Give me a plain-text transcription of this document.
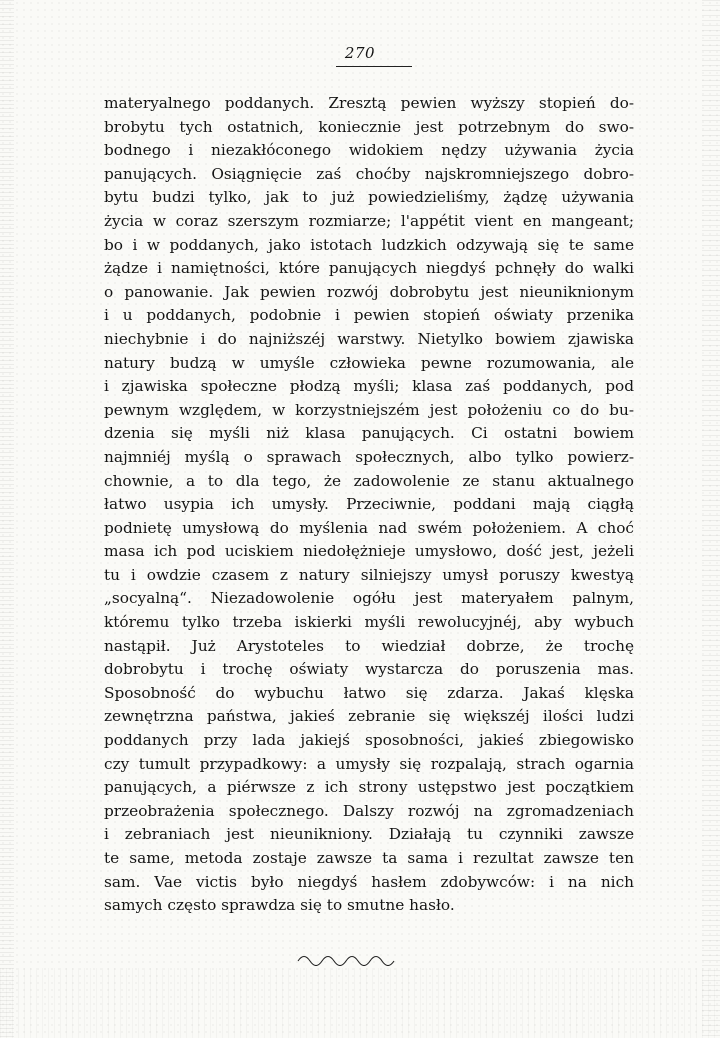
270
materyalnego poddanych. Zresztą pewien wyższy stopień do-
brobytu tych ostatnich, koniecznie jest potrzebnym do swo-
bodnego i niezakłóconego widokiem nędzy używania życia
panujących. Osiągnięcie zaś choćby najskromniejszego dobro-
bytu budzi tylko, jak to już powiedzieliśmy, żądzę używania
życia w coraz szerszym rozmiarze; l'appétit vient en mangeant;
bo i w poddanych, jako istotach ludzkich odzywają się te same
żądze i namiętności, które panujących niegdyś pchnęły do walki
o panowanie. Jak pewien rozwój dobrobytu jest nieuniknionym
i u poddanych, podobnie i pewien stopień oświaty przenika
niechybnie i do najniższéj warstwy. Nietylko bowiem zjawiska
natury budzą w umyśle człowieka pewne rozumowania, ale
i zjawiska społeczne płodzą myśli; klasa zaś poddanych, pod
pewnym względem, w korzystniejszém jest położeniu co do bu-
dzenia się myśli niż klasa panujących. Ci ostatni bowiem
najmniéj myślą o sprawach społecznych, albo tylko powierz-
chownie, a to dla tego, że zadowolenie ze stanu aktualnego
łatwo usypia ich umysły. Przeciwnie, poddani mają ciągłą
podnietę umysłową do myślenia nad swém położeniem. A choć
masa ich pod uciskiem niedołężnieje umysłowo, dość jest, jeżeli
tu i owdzie czasem z natury silniejszy umysł poruszy kwestyą
„socyalną“. Niezadowolenie ogółu jest materyałem palnym,
któremu tylko trzeba iskierki myśli rewolucyjnéj, aby wybuch
nastąpił. Już Arystoteles to wiedział dobrze, że trochę
dobrobytu i trochę oświaty wystarcza do poruszenia mas.
Sposobność do wybuchu łatwo się zdarza. Jakaś klęska
zewnętrzna państwa, jakieś zebranie się większéj ilości ludzi
poddanych przy lada jakiejś sposobności, jakieś zbiegowisko
czy tumult przypadkowy: a umysły się rozpalają, strach ogarnia
panujących, a piérwsze z ich strony ustępstwo jest początkiem
przeobrażenia społecznego. Dalszy rozwój na zgromadzeniach
i zebraniach jest nieunikniony. Działają tu czynniki zawsze
te same, metoda zostaje zawsze ta sama i rezultat zawsze ten
sam. Vae victis było niegdyś hasłem zdobywców: i na nich
samych często sprawdza się to smutne hasło.
